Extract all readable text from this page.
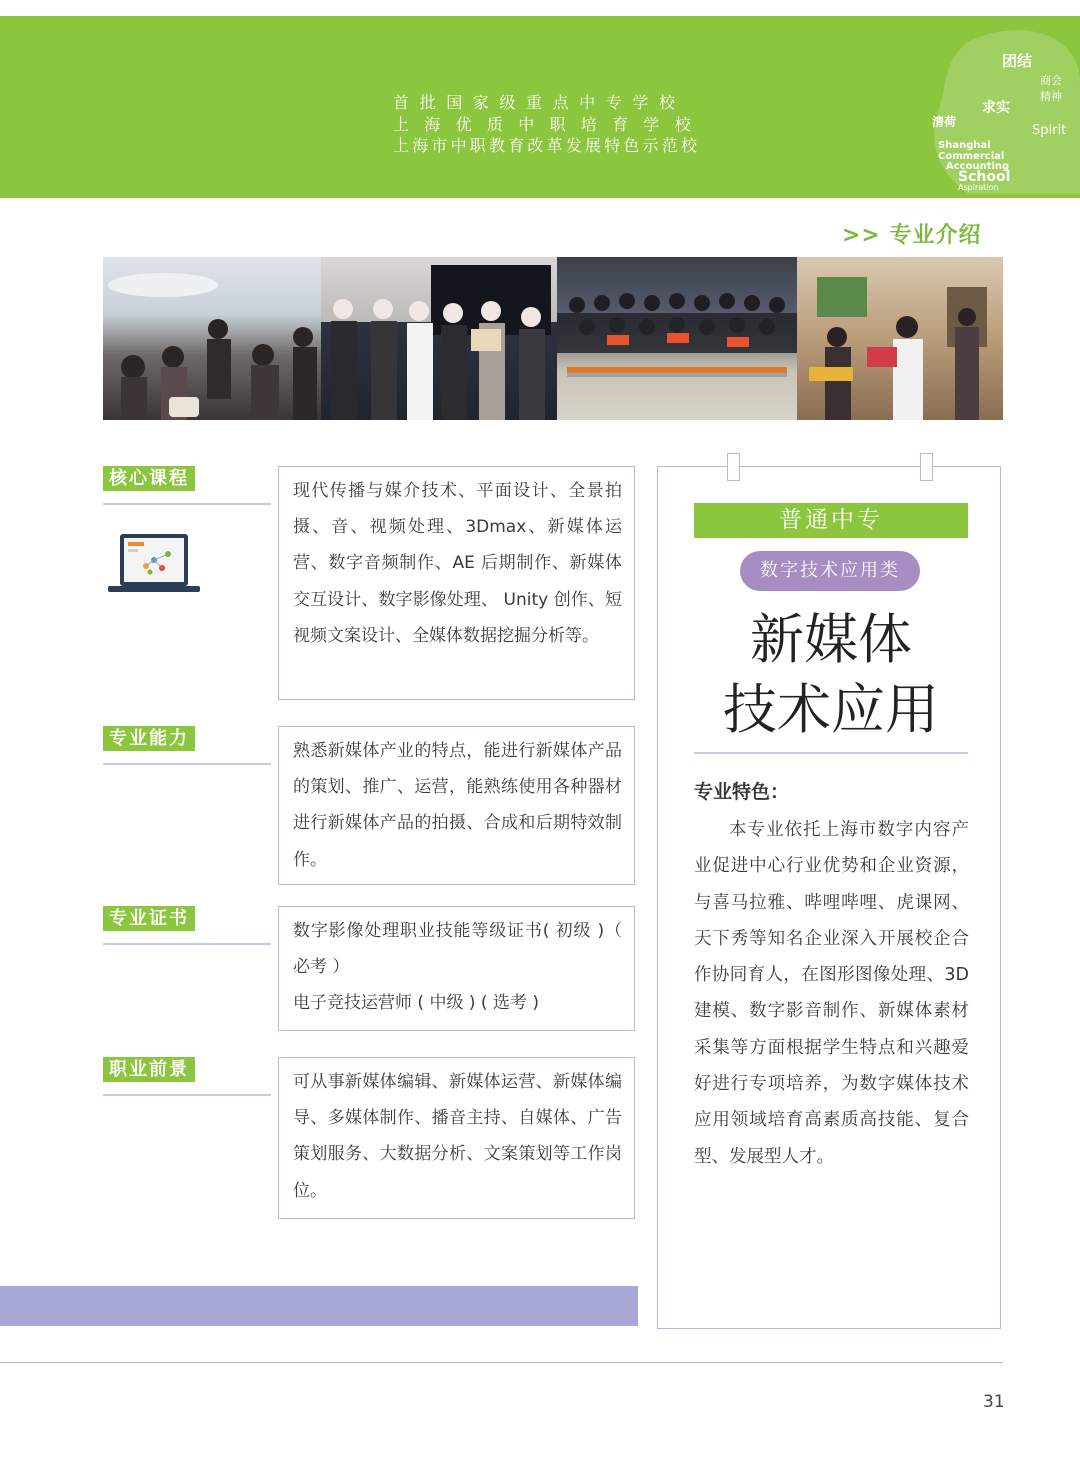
首批国家级重点中专学校
上海优质中职培育学校
上海市中职教育改革发展特色示范校
团结
商会
精神
求实
清荷
Spirit
Shanghai
Commercial
Accounting
School
Aspiration
>> 专业介绍
核心课程
现代传播与媒介技术、平面设计、全景拍摄、音、视频处理、3Dmax、新媒体运营、数字音频制作、AE 后期制作、新媒体交互设计、数字影像处理、 Unity 创作、短视频文案设计、全媒体数据挖掘分析等。
专业能力
熟悉新媒体产业的特点，能进行新媒体产品的策划、推广、运营，能熟练使用各种器材进行新媒体产品的拍摄、合成和后期特效制作。
专业证书
数字影像处理职业技能等级证书( 初级 )（ 必考 ）
电子竞技运营师 ( 中级 ) ( 选考 )
职业前景
可从事新媒体编辑、新媒体运营、新媒体编导、多媒体制作、播音主持、自媒体、广告策划服务、大数据分析、文案策划等工作岗位。
普通中专
数字技术应用类
新媒体
技术应用
专业特色：
本专业依托上海市数字内容产业促进中心行业优势和企业资源，与喜马拉雅、哔哩哔哩、虎课网、天下秀等知名企业深入开展校企合作协同育人，在图形图像处理、3D 建模、数字影音制作、新媒体素材采集等方面根据学生特点和兴趣爱好进行专项培养，为数字媒体技术应用领域培育高素质高技能、复合型、发展型人才。
31
